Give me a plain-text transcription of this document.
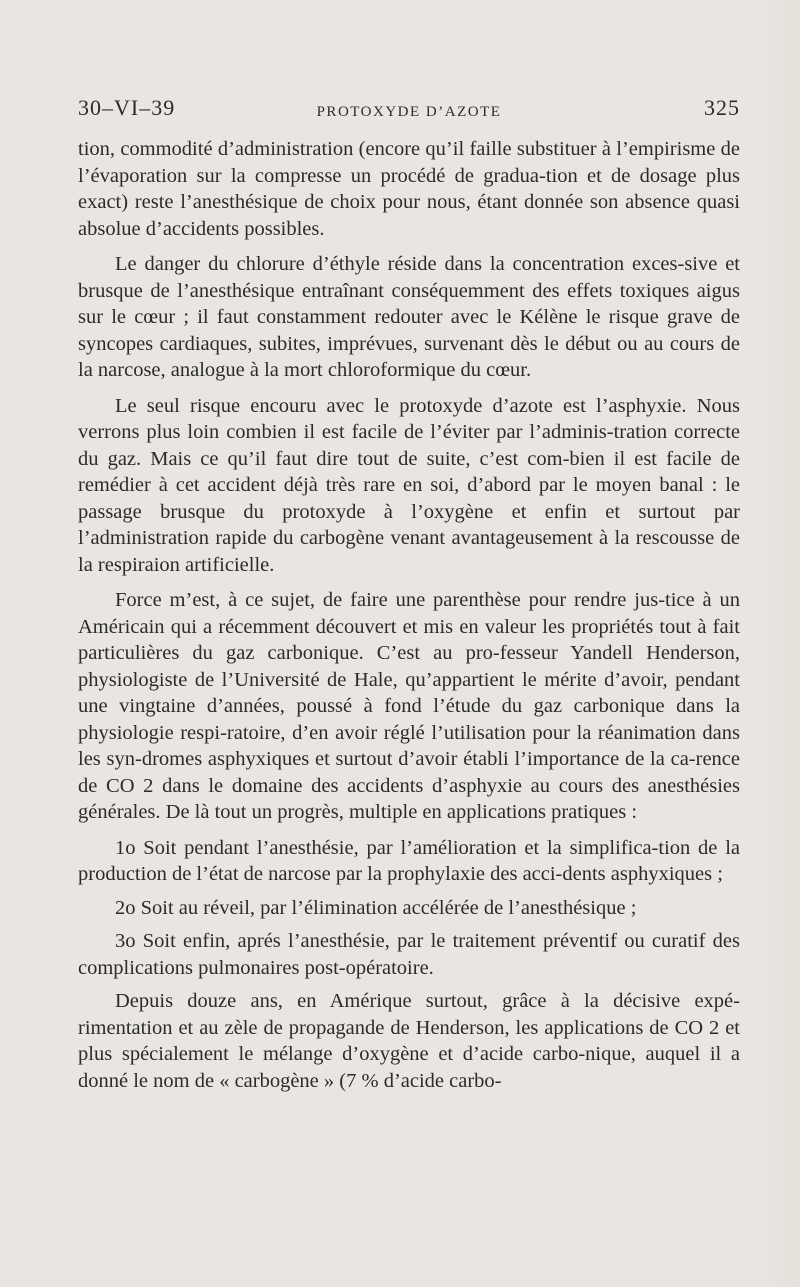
30–VI–39	PROTOXYDE D’AZOTE	325

tion, commodité d’administration (encore qu’il faille substituer à l’empirisme de l’évaporation sur la compresse un procédé de gradua-tion et de dosage plus exact) reste l’anesthésique de choix pour nous, étant donnée son absence quasi absolue d’accidents possibles.

Le danger du chlorure d’éthyle réside dans la concentration exces-sive et brusque de l’anesthésique entraînant conséquemment des effets toxiques aigus sur le cœur ; il faut constamment redouter avec le Kélène le risque grave de syncopes cardiaques, subites, imprévues, survenant dès le début ou au cours de la narcose, analogue à la mort chloroformique du cœur.

Le seul risque encouru avec le protoxyde d’azote est l’asphyxie. Nous verrons plus loin combien il est facile de l’éviter par l’adminis-tration correcte du gaz. Mais ce qu’il faut dire tout de suite, c’est com-bien il est facile de remédier à cet accident déjà très rare en soi, d’abord par le moyen banal : le passage brusque du protoxyde à l’oxygène et enfin et surtout par l’administration rapide du carbogène venant avantageusement à la rescousse de la respiraion artificielle.

Force m’est, à ce sujet, de faire une parenthèse pour rendre jus-tice à un Américain qui a récemment découvert et mis en valeur les propriétés tout à fait particulières du gaz carbonique. C’est au pro-fesseur Yandell Henderson, physiologiste de l’Université de Hale, qu’appartient le mérite d’avoir, pendant une vingtaine d’années, poussé à fond l’étude du gaz carbonique dans la physiologie respi-ratoire, d’en avoir réglé l’utilisation pour la réanimation dans les syn-dromes asphyxiques et surtout d’avoir établi l’importance de la ca-rence de CO 2 dans le domaine des accidents d’asphyxie au cours des anesthésies générales. De là tout un progrès, multiple en applications pratiques :

1o Soit pendant l’anesthésie, par l’amélioration et la simplifica-tion de la production de l’état de narcose par la prophylaxie des acci-dents asphyxiques ;

2o Soit au réveil, par l’élimination accélérée de l’anesthésique ;

3o Soit enfin, aprés l’anesthésie, par le traitement préventif ou curatif des complications pulmonaires post-opératoire.

Depuis douze ans, en Amérique surtout, grâce à la décisive expé-rimentation et au zèle de propagande de Henderson, les applications de CO 2 et plus spécialement le mélange d’oxygène et d’acide carbo-nique, auquel il a donné le nom de « carbogène » (7 % d’acide carbo-
